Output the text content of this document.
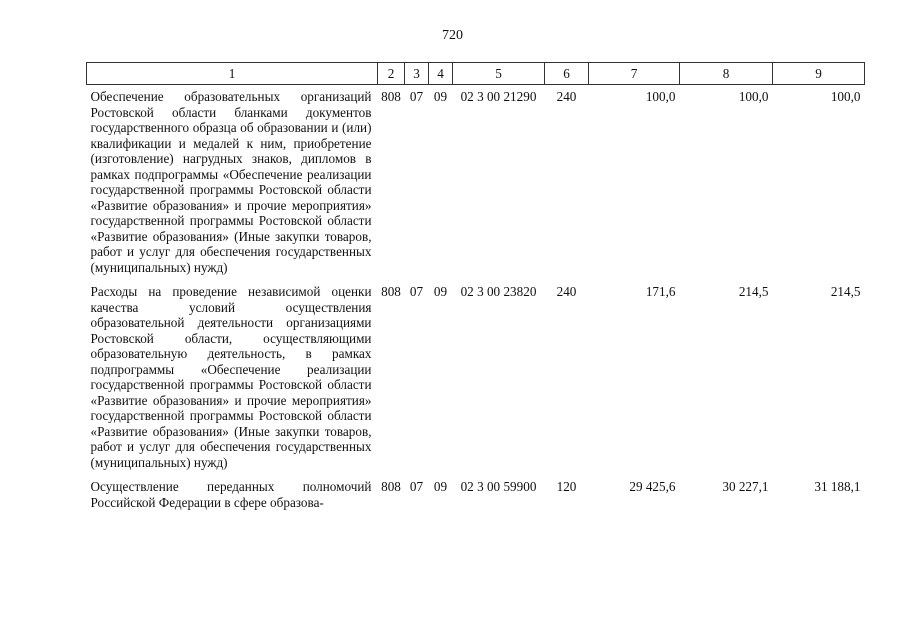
720
1	2	3	4	5	6	7	8	9
Обеспечение образовательных организаций Ростовской области бланками документов государственного образца об образовании и (или) квалификации и медалей к ним, приобретение (изготовление) нагрудных знаков, дипломов в рамках подпрограммы «Обеспечение реализации государственной программы Ростовской области «Развитие образования» и прочие мероприятия» государственной программы Ростовской области «Развитие образования» (Иные закупки товаров, работ и услуг для обеспечения государственных (муниципальных) нужд)	808	07	09	02 3 00 21290	240	100,0	100,0	100,0
Расходы на проведение независимой оценки качества условий осуществления образовательной деятельности организациями Ростовской области, осуществляющими образовательную деятельность, в рамках подпрограммы «Обеспечение реализации государственной программы Ростовской области «Развитие образования» и прочие мероприятия» государственной программы Ростовской области «Развитие образования» (Иные закупки товаров, работ и услуг для обеспечения государственных (муниципальных) нужд)	808	07	09	02 3 00 23820	240	171,6	214,5	214,5
Осуществление переданных полномочий Российской Федерации в сфере образова-	808	07	09	02 3 00 59900	120	29 425,6	30 227,1	31 188,1
